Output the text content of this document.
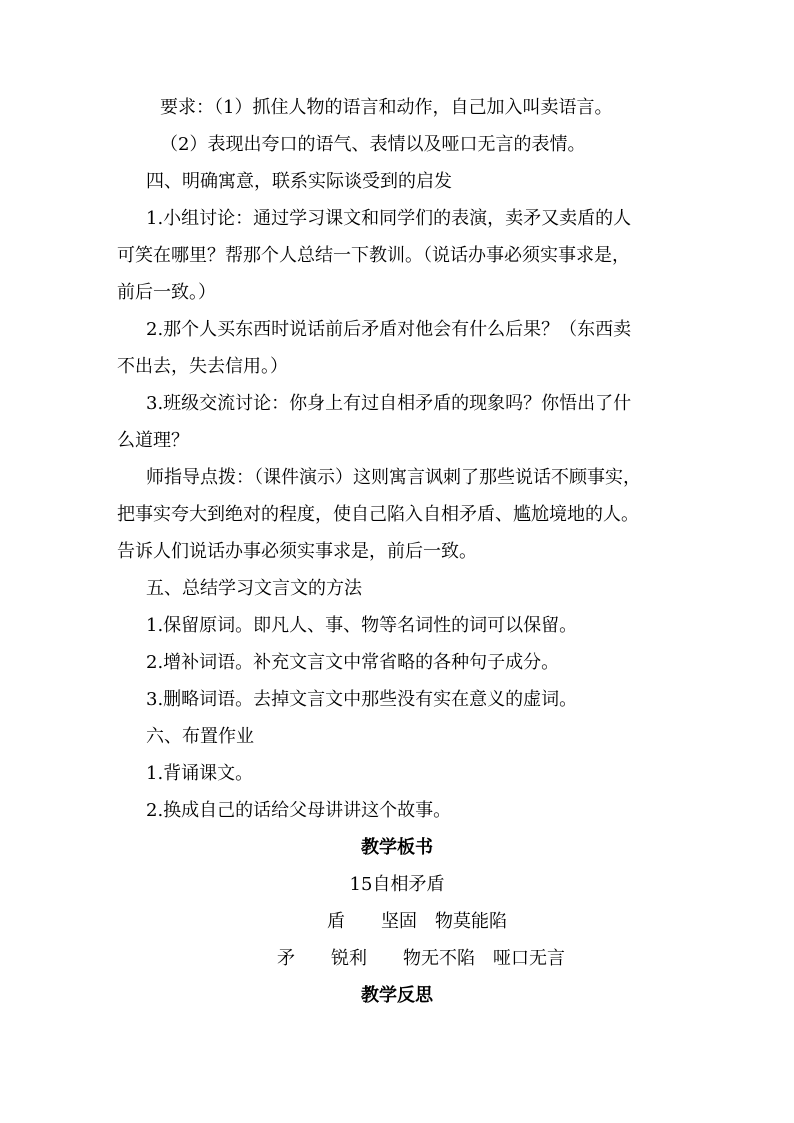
要求：（1）抓住人物的语言和动作，自己加入叫卖语言。
（2）表现出夸口的语气、表情以及哑口无言的表情。
四、明确寓意，联系实际谈受到的启发
1.小组讨论：通过学习课文和同学们的表演，卖矛又卖盾的人
可笑在哪里？帮那个人总结一下教训。（说话办事必须实事求是，
前后一致。）
2.那个人买东西时说话前后矛盾对他会有什么后果？（东西卖
不出去，失去信用。）
3.班级交流讨论：你身上有过自相矛盾的现象吗？你悟出了什
么道理？
师指导点拨：（课件演示）这则寓言讽刺了那些说话不顾事实，
把事实夸大到绝对的程度，使自己陷入自相矛盾、尴尬境地的人。
告诉人们说话办事必须实事求是，前后一致。
五、总结学习文言文的方法
1.保留原词。即凡人、事、物等名词性的词可以保留。
2.增补词语。补充文言文中常省略的各种句子成分。
3.删略词语。去掉文言文中那些没有实在意义的虚词。
六、布置作业
1.背诵课文。
2.换成自己的话给父母讲讲这个故事。
教学板书
15自相矛盾
盾　　坚固　物莫能陷
矛　　锐利　　物无不陷　哑口无言
教学反思
